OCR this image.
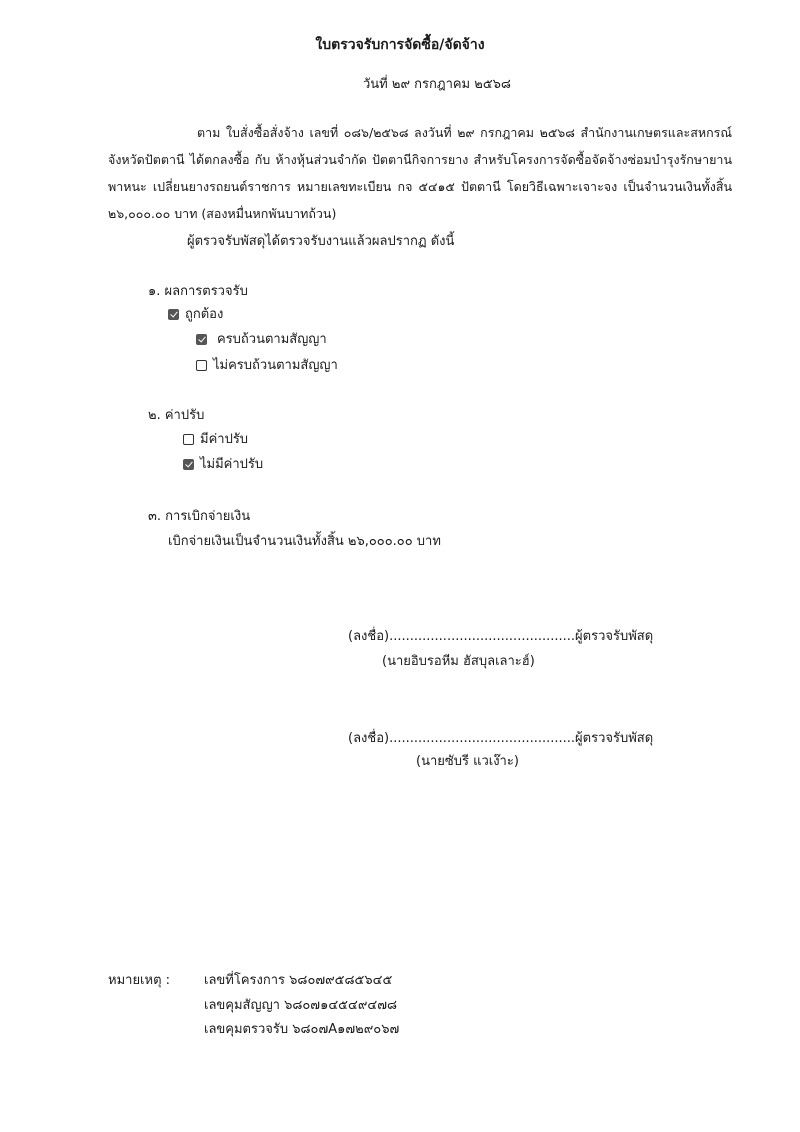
ใบตรวจรับการจัดซื้อ/จัดจ้าง
วันที่ ๒๙ กรกฎาคม ๒๕๖๘
ตาม ใบสั่งซื้อสั่งจ้าง เลขที่ ๐๘๖/๒๕๖๘ ลงวันที่ ๒๙ กรกฎาคม ๒๕๖๘ สำนักงานเกษตรและสหกรณ์จังหวัดปัตตานี ได้ตกลงซื้อ กับ ห้างหุ้นส่วนจำกัด ปัตตานีกิจการยาง สำหรับโครงการจัดซื้อจัดจ้างซ่อมบำรุงรักษายานพาหนะ เปลี่ยนยางรถยนต์ราชการ หมายเลขทะเบียน กจ ๕๔๑๕ ปัตตานี โดยวิธีเฉพาะเจาะจง เป็นจำนวนเงินทั้งสิ้น ๒๖,๐๐๐.๐๐ บาท (สองหมื่นหกพันบาทถ้วน)
ผู้ตรวจรับพัสดุได้ตรวจรับงานแล้วผลปรากฏ ดังนี้
๑. ผลการตรวจรับ
ถูกต้อง
ครบถ้วนตามสัญญา
ไม่ครบถ้วนตามสัญญา
๒. ค่าปรับ
มีค่าปรับ
ไม่มีค่าปรับ
๓. การเบิกจ่ายเงิน
เบิกจ่ายเงินเป็นจำนวนเงินทั้งสิ้น ๒๖,๐๐๐.๐๐ บาท
(ลงชื่อ).............................................ผู้ตรวจรับพัสดุ
(นายอิบรอหีม ฮัสบุลเลาะฮ์)
(ลงชื่อ).............................................ผู้ตรวจรับพัสดุ
(นายซับรี แวเง๊าะ)
หมายเหตุ :	เลขที่โครงการ ๖๘๐๗๙๕๘๕๖๔๕
เลขคุมสัญญา ๖๘๐๗๑๔๕๔๙๔๗๘
เลขคุมตรวจรับ ๖๘๐๗A๑๗๒๙๐๖๗
